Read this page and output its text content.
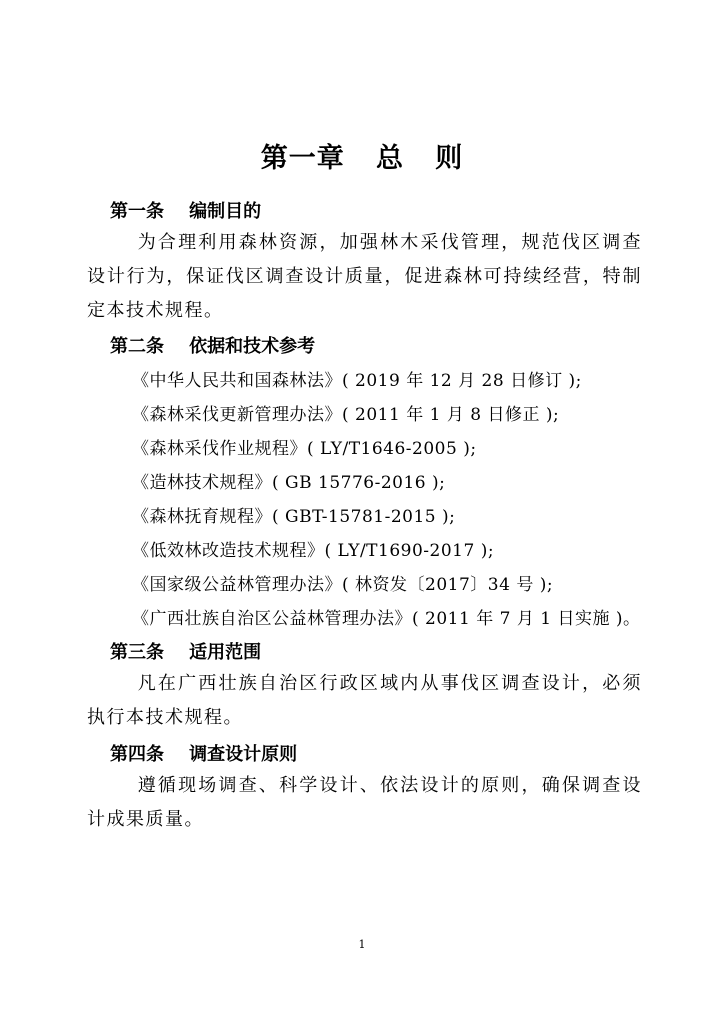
第一章   总   则
第一条    编制目的
为合理利用森林资源，加强林木采伐管理，规范伐区调查设计行为，保证伐区调查设计质量，促进森林可持续经营，特制定本技术规程。
第二条    依据和技术参考
《中华人民共和国森林法》( 2019 年 12 月 28 日修订 );
《森林采伐更新管理办法》( 2011 年 1 月 8 日修正 );
《森林采伐作业规程》( LY/T1646-2005 );
《造林技术规程》( GB 15776-2016 );
《森林抚育规程》( GBT-15781-2015 );
《低效林改造技术规程》( LY/T1690-2017 );
《国家级公益林管理办法》( 林资发〔2017〕34 号 );
《广西壮族自治区公益林管理办法》( 2011 年 7 月 1 日实施 )。
第三条    适用范围
凡在广西壮族自治区行政区域内从事伐区调查设计，必须执行本技术规程。
第四条    调查设计原则
遵循现场调查、科学设计、依法设计的原则，确保调查设计成果质量。
1
